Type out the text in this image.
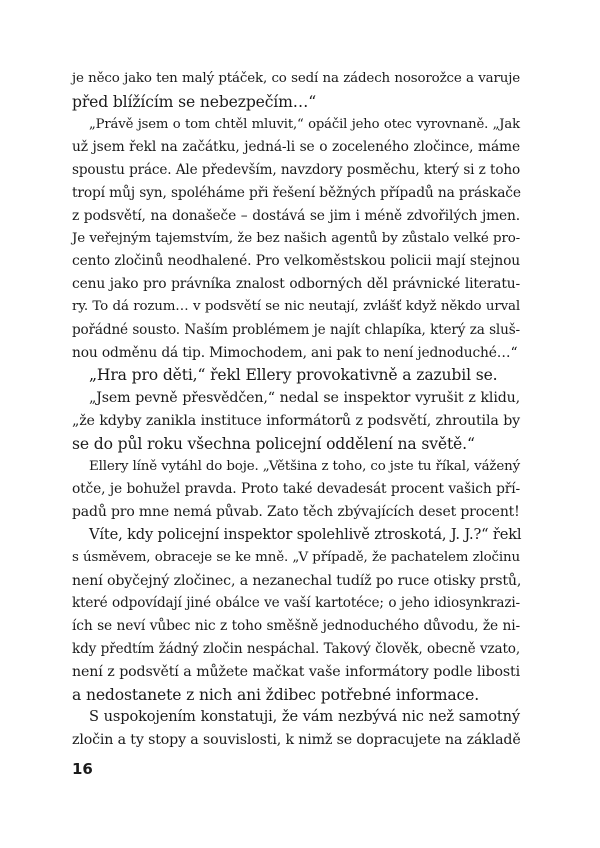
je něco jako ten malý ptáček, co sedí na zádech nosorožce a varuje
před blížícím se nebezpečím…“
„Právě jsem o tom chtěl mluvit,“ opáčil jeho otec vyrovnaně. „Jak
už jsem řekl na začátku, jedná-li se o zoceleného zločince, máme
spoustu práce. Ale především, navzdory posměchu, který si z toho
tropí můj syn, spoléháme při řešení běžných případů na práskače
z podsvětí, na donašeče – dostává se jim i méně zdvořilých jmen.
Je veřejným tajemstvím, že bez našich agentů by zůstalo velké pro-
cento zločinů neodhalené. Pro velkoměstskou policii mají stejnou
cenu jako pro právníka znalost odborných děl právnické literatu-
ry. To dá rozum… v podsvětí se nic neutají, zvlášť když někdo urval
pořádné sousto. Naším problémem je najít chlapíka, který za sluš-
nou odměnu dá tip. Mimochodem, ani pak to není jednoduché…“
„Hra pro děti,“ řekl Ellery provokativně a zazubil se.
„Jsem pevně přesvědčen,“ nedal se inspektor vyrušit z klidu,
„že kdyby zanikla instituce informátorů z podsvětí, zhroutila by
se do půl roku všechna policejní oddělení na světě.“
Ellery líně vytáhl do boje. „Většina z toho, co jste tu říkal, vážený
otče, je bohužel pravda. Proto také devadesát procent vašich pří-
padů pro mne nemá půvab. Zato těch zbývajících deset procent!
Víte, kdy policejní inspektor spolehlivě ztroskotá, J. J.?“ řekl
s úsměvem, obraceje se ke mně. „V případě, že pachatelem zločinu
není obyčejný zločinec, a nezanechal tudíž po ruce otisky prstů,
které odpovídají jiné obálce ve vaší kartotéce; o jeho idiosynkrazi-
ích se neví vůbec nic z toho směšně jednoduchého důvodu, že ni-
kdy předtím žádný zločin nespáchal. Takový člověk, obecně vzato,
není z podsvětí a můžete mačkat vaše informátory podle libosti
a nedostanete z nich ani ždibec potřebné informace.
S uspokojením konstatuji, že vám nezbývá nic než samotný
zločin a ty stopy a souvislosti, k nimž se dopracujete na základě
16
